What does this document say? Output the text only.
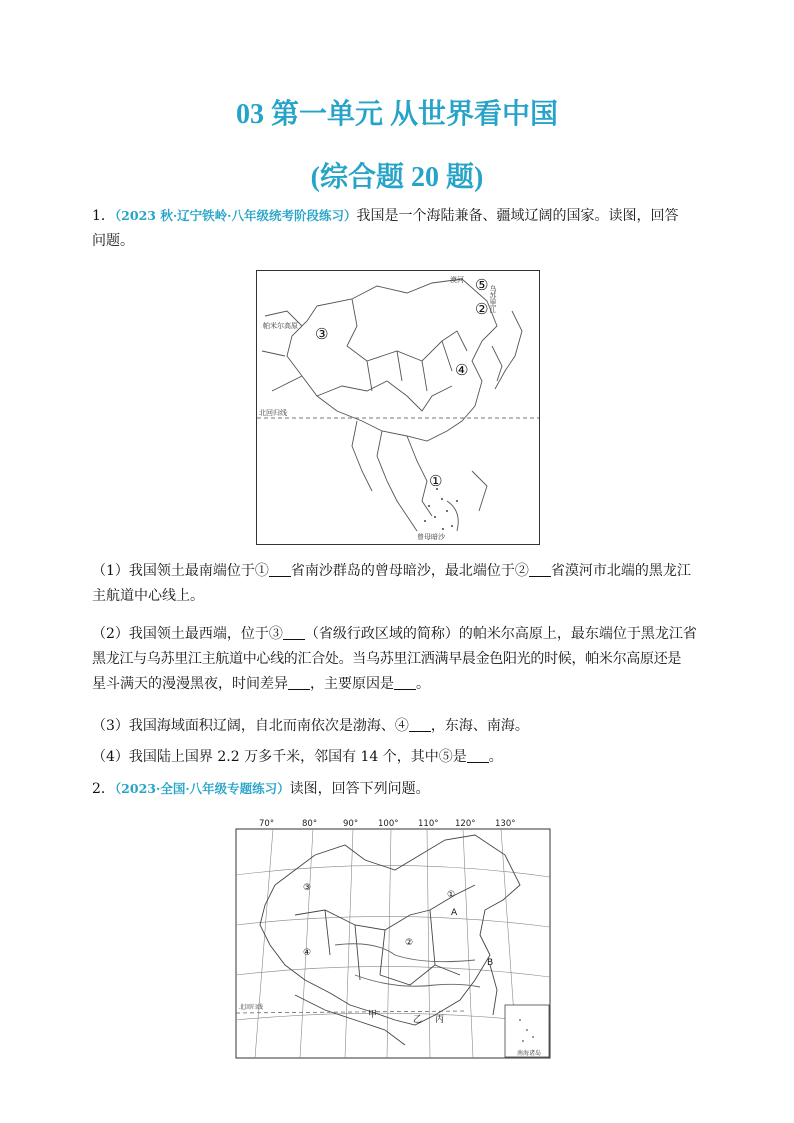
03 第一单元 从世界看中国
(综合题 20 题)
1．（2023 秋·辽宁铁岭·八年级统考阶段练习）我国是一个海陆兼备、疆域辽阔的国家。读图，回答
问题。
①
②
③
④
⑤
漠河
帕米尔高原
北回归线
曾母暗沙
乌苏里江
（1）我国领土最南端位于① 省南沙群岛的曾母暗沙，最北端位于② 省漠河市北端的黑龙江
主航道中心线上。
（2）我国领土最西端，位于③ （省级行政区域的简称）的帕米尔高原上，最东端位于黑龙江省
黑龙江与乌苏里江主航道中心线的汇合处。当乌苏里江洒满早晨金色阳光的时候，帕米尔高原还是
星斗满天的漫漫黑夜，时间差异 ，主要原因是 。
（3）我国海域面积辽阔，自北而南依次是渤海、④ ，东海、南海。
（4）我国陆上国界 2.2 万多千米，邻国有 14 个，其中⑤是 。
2．（2023·全国·八年级专题练习）读图，回答下列问题。
70°	80°	90° 100° 110° 120° 130°
①
②
③
④
A
B
甲	乙 丙
北回归线
南海诸岛
